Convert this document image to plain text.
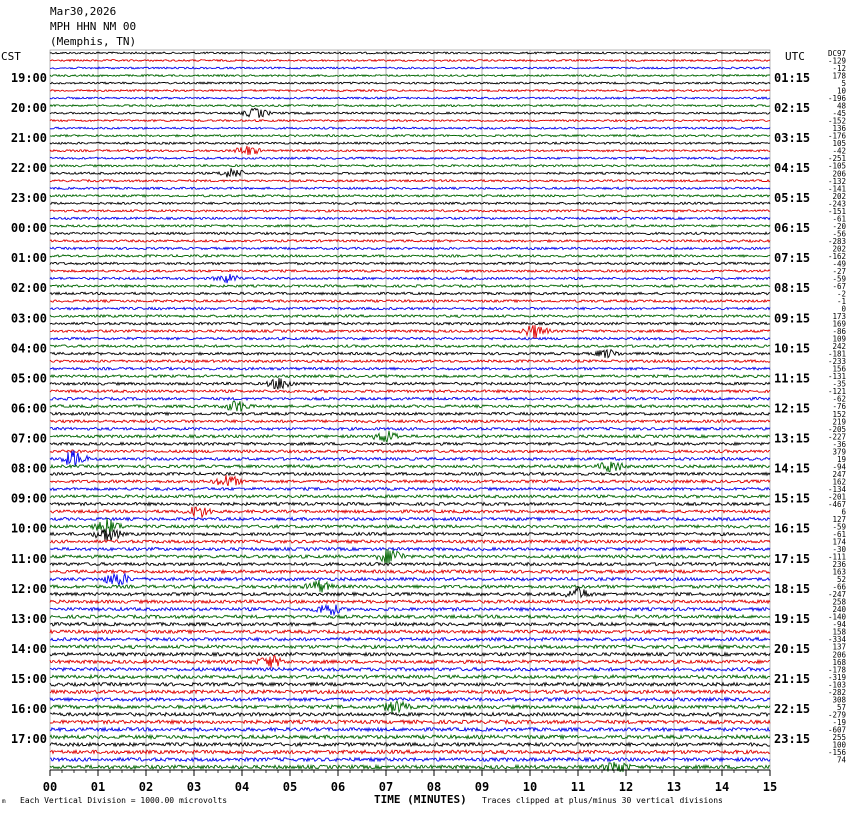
19:00
20:00
21:00
22:00
23:00
00:00
01:00
02:00
03:00
04:00
05:00
06:00
07:00
08:00
09:00
10:00
11:00
12:00
13:00
14:00
15:00
16:00
17:00
01:15
02:15
03:15
04:15
05:15
06:15
07:15
08:15
09:15
10:15
11:15
12:15
13:15
14:15
15:15
16:15
17:15
18:15
19:15
20:15
21:15
22:15
23:15
DC97
-129
-12
178
5
10
-196
48
-45
-152
136
-176
105
-42
-251
-105
206
-132
-141
202
-243
-151
-61
-20
-56
-283
202
-162
-49
-27
-59
-67
-2
-1
0
173
169
-86
109
242
-181
-233
156
-131
-35
-121
-62
-76
152
219
-205
-227
-36
379
19
-94
247
162
-134
-201
-467
6
127
-59
-61
174
-30
-111
236
163
52
-66
-247
258
240
-140
-94
158
-334
137
206
168
-178
-319
-103
-282
308
57
-279
-19
-607
255
100
-156
74
00	01	02	03	04	05	06	07	08	09	10	11	12	13	14	15
Mar30,2026
MPH HHN NM 00
(Memphis, TN)
CST	UTC
m Each Vertical Division = 1000.00 microvolts	TIME (MINUTES) Traces clipped at plus/minus 30 vertical divisions
